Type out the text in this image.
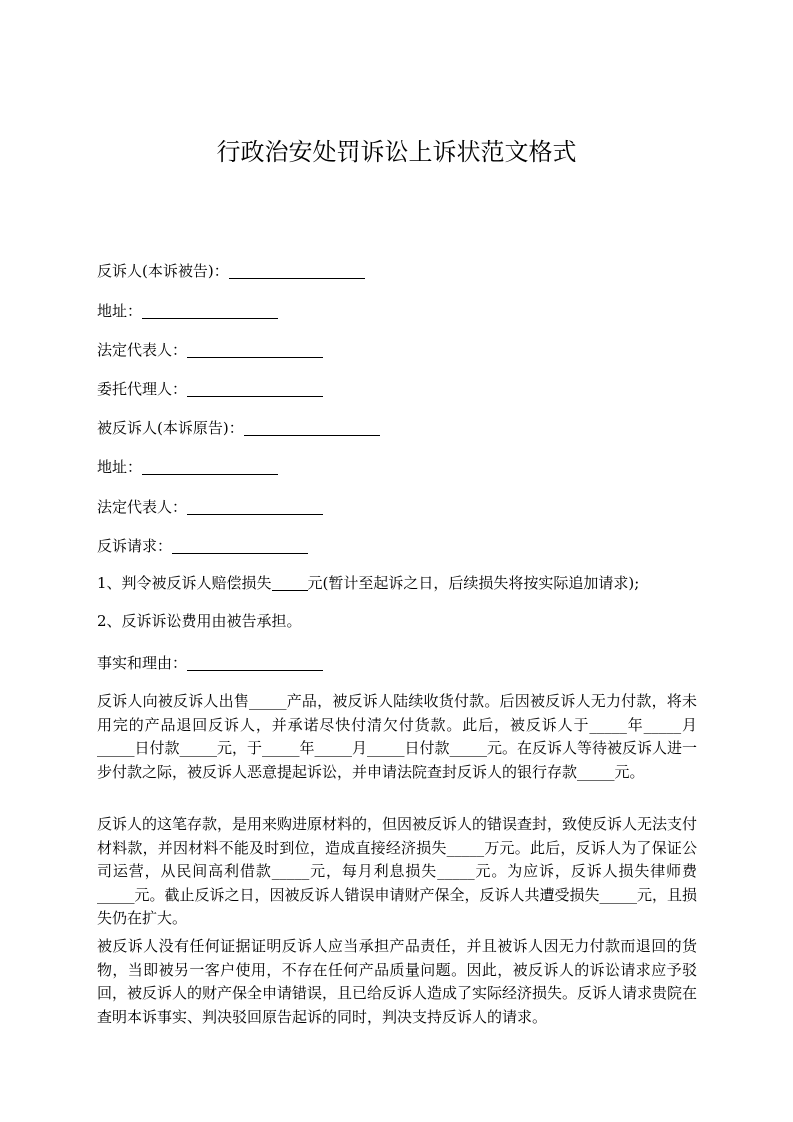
行政治安处罚诉讼上诉状范文格式
反诉人(本诉被告)：
地址：
法定代表人：
委托代理人：
被反诉人(本诉原告)：
地址：
法定代表人：
反诉请求：
1、判令被反诉人赔偿损失 元(暂计至起诉之日，后续损失将按实际追加请求);
2、反诉诉讼费用由被告承担。
事实和理由：
反诉人向被反诉人出售_____产品，被反诉人陆续收货付款。后因被反诉人无力付款，将未用完的产品退回反诉人，并承诺尽快付清欠付货款。此后，被反诉人于_____年_____月_____日付款_____元，于_____年_____月_____日付款_____元。在反诉人等待被反诉人进一步付款之际，被反诉人恶意提起诉讼，并申请法院查封反诉人的银行存款_____元。
反诉人的这笔存款，是用来购进原材料的，但因被反诉人的错误查封，致使反诉人无法支付材料款，并因材料不能及时到位，造成直接经济损失_____万元。此后，反诉人为了保证公司运营，从民间高利借款_____元，每月利息损失_____元。为应诉，反诉人损失律师费_____元。截止反诉之日，因被反诉人错误申请财产保全，反诉人共遭受损失_____元，且损失仍在扩大。
被反诉人没有任何证据证明反诉人应当承担产品责任，并且被诉人因无力付款而退回的货物，当即被另一客户使用，不存在任何产品质量问题。因此，被反诉人的诉讼请求应予驳回，被反诉人的财产保全申请错误，且已给反诉人造成了实际经济损失。反诉人请求贵院在查明本诉事实、判决驳回原告起诉的同时，判决支持反诉人的请求。
